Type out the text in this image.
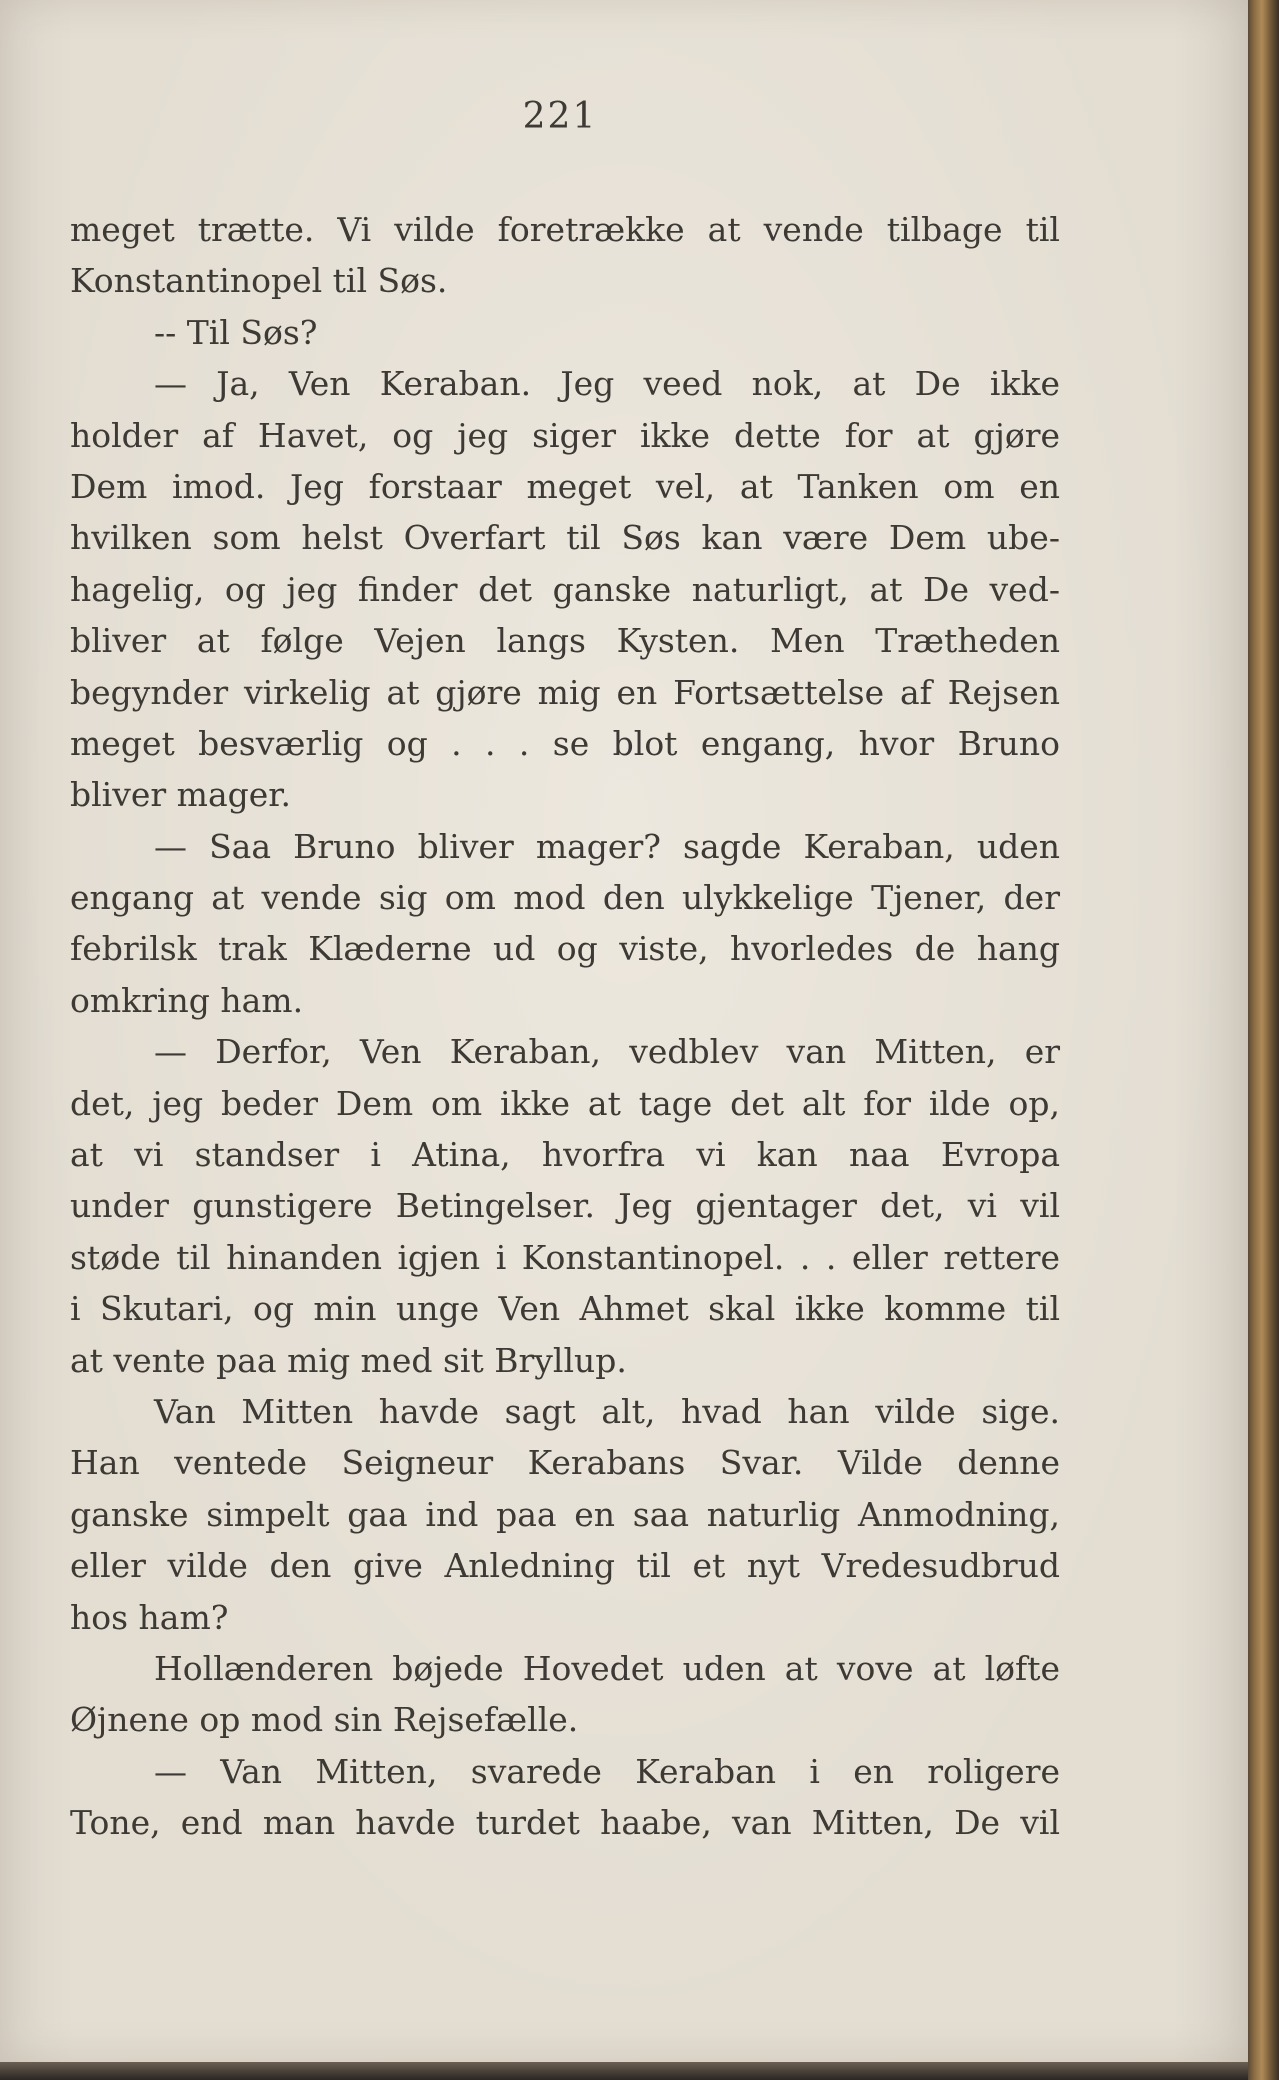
221
meget trætte. Vi vilde foretrække at vende tilbage til
Konstantinopel til Søs.
-- Til Søs?
— Ja, Ven Keraban. Jeg veed nok, at De ikke
holder af Havet, og jeg siger ikke dette for at gjøre
Dem imod. Jeg forstaar meget vel, at Tanken om en
hvilken som helst Overfart til Søs kan være Dem ube-
hagelig, og jeg finder det ganske naturligt, at De ved-
bliver at følge Vejen langs Kysten. Men Trætheden
begynder virkelig at gjøre mig en Fortsættelse af Rejsen
meget besværlig og . . . se blot engang, hvor Bruno
bliver mager.
— Saa Bruno bliver mager? sagde Keraban, uden
engang at vende sig om mod den ulykkelige Tjener, der
febrilsk trak Klæderne ud og viste, hvorledes de hang
omkring ham.
— Derfor, Ven Keraban, vedblev van Mitten, er
det, jeg beder Dem om ikke at tage det alt for ilde op,
at vi standser i Atina, hvorfra vi kan naa Evropa
under gunstigere Betingelser. Jeg gjentager det, vi vil
støde til hinanden igjen i Konstantinopel. . . eller rettere
i Skutari, og min unge Ven Ahmet skal ikke komme til
at vente paa mig med sit Bryllup.
Van Mitten havde sagt alt, hvad han vilde sige.
Han ventede Seigneur Kerabans Svar. Vilde denne
ganske simpelt gaa ind paa en saa naturlig Anmodning,
eller vilde den give Anledning til et nyt Vredesudbrud
hos ham?
Hollænderen bøjede Hovedet uden at vove at løfte
Øjnene op mod sin Rejsefælle.
— Van Mitten, svarede Keraban i en roligere
Tone, end man havde turdet haabe, van Mitten, De vil
